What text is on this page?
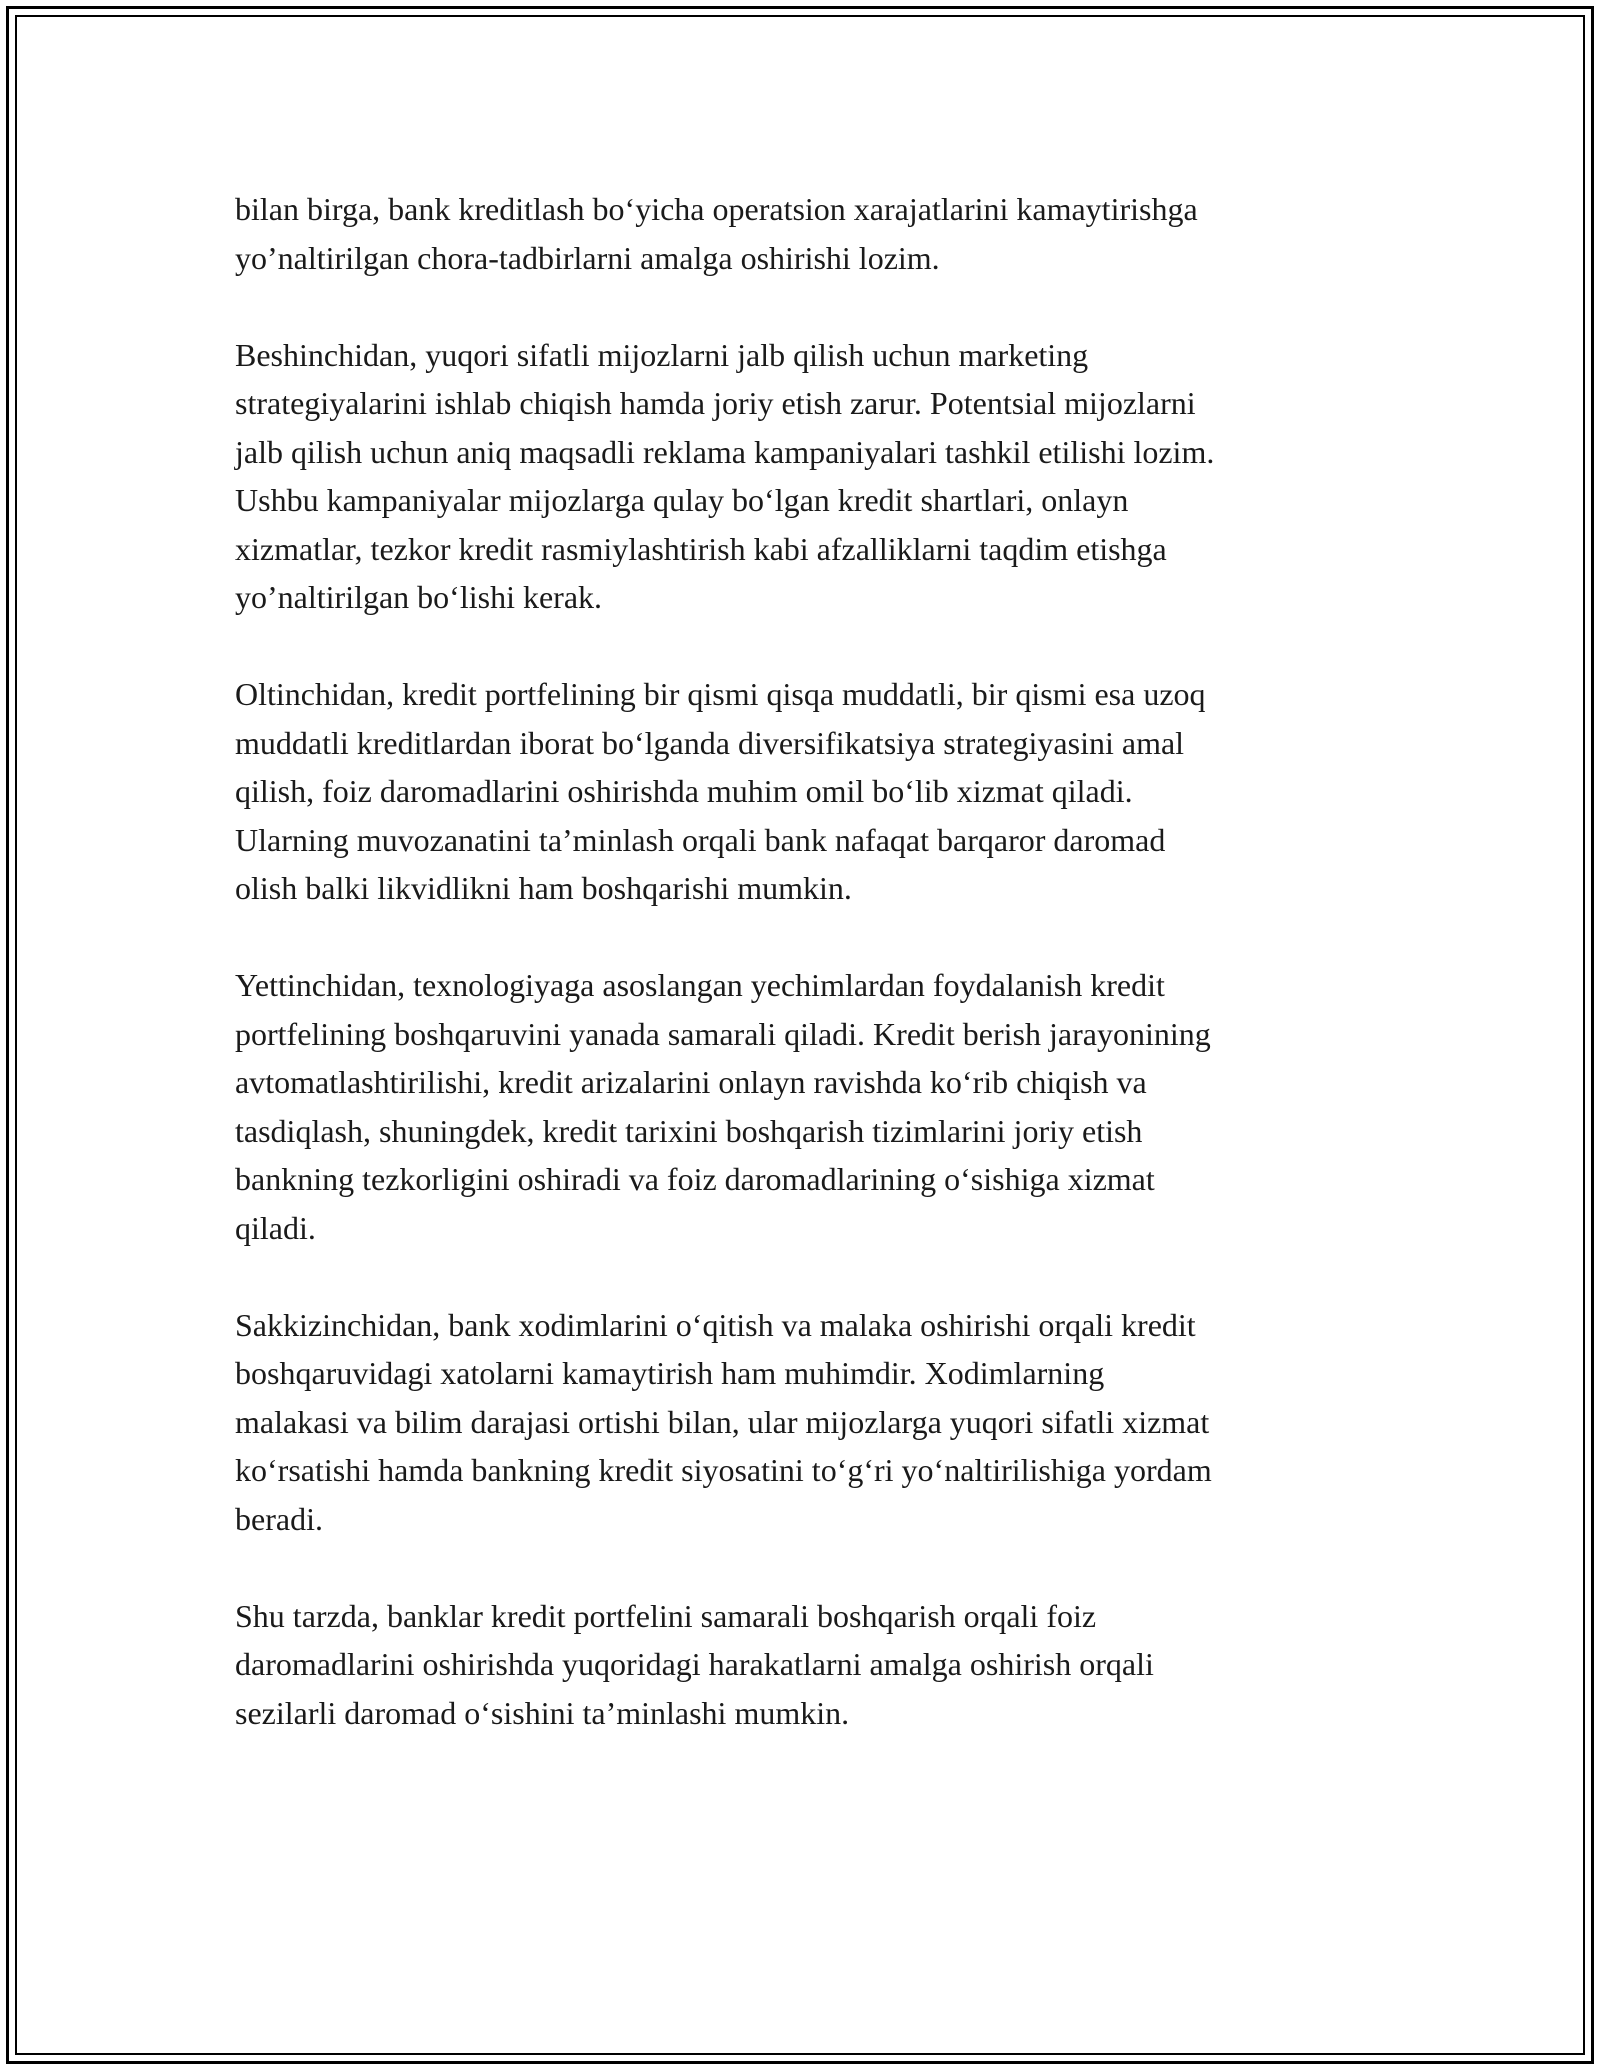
bilan birga, bank kreditlash bo‘yicha operatsion xarajatlarini kamaytirishga
yo’naltirilgan chora-tadbirlarni amalga oshirishi lozim.

Beshinchidan, yuqori sifatli mijozlarni jalb qilish uchun marketing
strategiyalarini ishlab chiqish hamda joriy etish zarur. Potentsial mijozlarni
jalb qilish uchun aniq maqsadli reklama kampaniyalari tashkil etilishi lozim.
Ushbu kampaniyalar mijozlarga qulay bo‘lgan kredit shartlari, onlayn
xizmatlar, tezkor kredit rasmiylashtirish kabi afzalliklarni taqdim etishga
yo’naltirilgan bo‘lishi kerak.

Oltinchidan, kredit portfelining bir qismi qisqa muddatli, bir qismi esa uzoq
muddatli kreditlardan iborat bo‘lganda diversifikatsiya strategiyasini amal
qilish, foiz daromadlarini oshirishda muhim omil bo‘lib xizmat qiladi.
Ularning muvozanatini ta’minlash orqali bank nafaqat barqaror daromad
olish balki likvidlikni ham boshqarishi mumkin.

Yettinchidan, texnologiyaga asoslangan yechimlardan foydalanish kredit
portfelining boshqaruvini yanada samarali qiladi. Kredit berish jarayonining
avtomatlashtirilishi, kredit arizalarini onlayn ravishda ko‘rib chiqish va
tasdiqlash, shuningdek, kredit tarixini boshqarish tizimlarini joriy etish
bankning tezkorligini oshiradi va foiz daromadlarining o‘sishiga xizmat
qiladi.

Sakkizinchidan, bank xodimlarini o‘qitish va malaka oshirishi orqali kredit
boshqaruvidagi xatolarni kamaytirish ham muhimdir. Xodimlarning
malakasi va bilim darajasi ortishi bilan, ular mijozlarga yuqori sifatli xizmat
ko‘rsatishi hamda bankning kredit siyosatini to‘g‘ri yo‘naltirilishiga yordam
beradi.

Shu tarzda, banklar kredit portfelini samarali boshqarish orqali foiz
daromadlarini oshirishda yuqoridagi harakatlarni amalga oshirish orqali
sezilarli daromad o‘sishini ta’minlashi mumkin.
